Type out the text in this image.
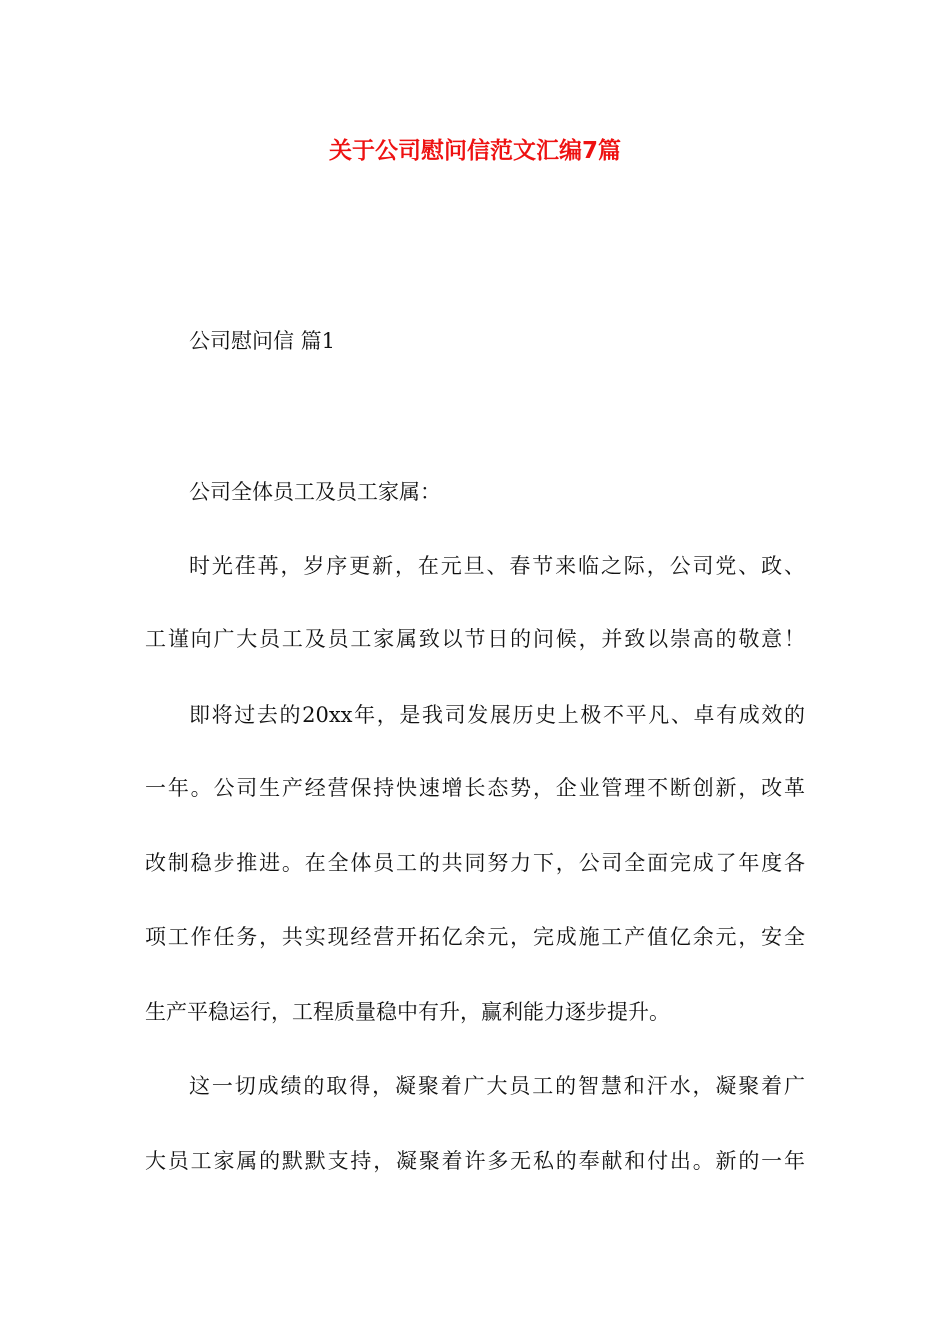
关于公司慰问信范文汇编7篇
公司慰问信 篇1
公司全体员工及员工家属：
时光荏苒，岁序更新，在元旦、春节来临之际，公司党、政、
工谨向广大员工及员工家属致以节日的问候，并致以崇高的敬意！
即将过去的20xx年，是我司发展历史上极不平凡、卓有成效的
一年。公司生产经营保持快速增长态势，企业管理不断创新，改革
改制稳步推进。在全体员工的共同努力下，公司全面完成了年度各
项工作任务，共实现经营开拓亿余元，完成施工产值亿余元，安全
生产平稳运行，工程质量稳中有升，赢利能力逐步提升。
这一切成绩的取得，凝聚着广大员工的智慧和汗水，凝聚着广
大员工家属的默默支持，凝聚着许多无私的奉献和付出。新的一年
